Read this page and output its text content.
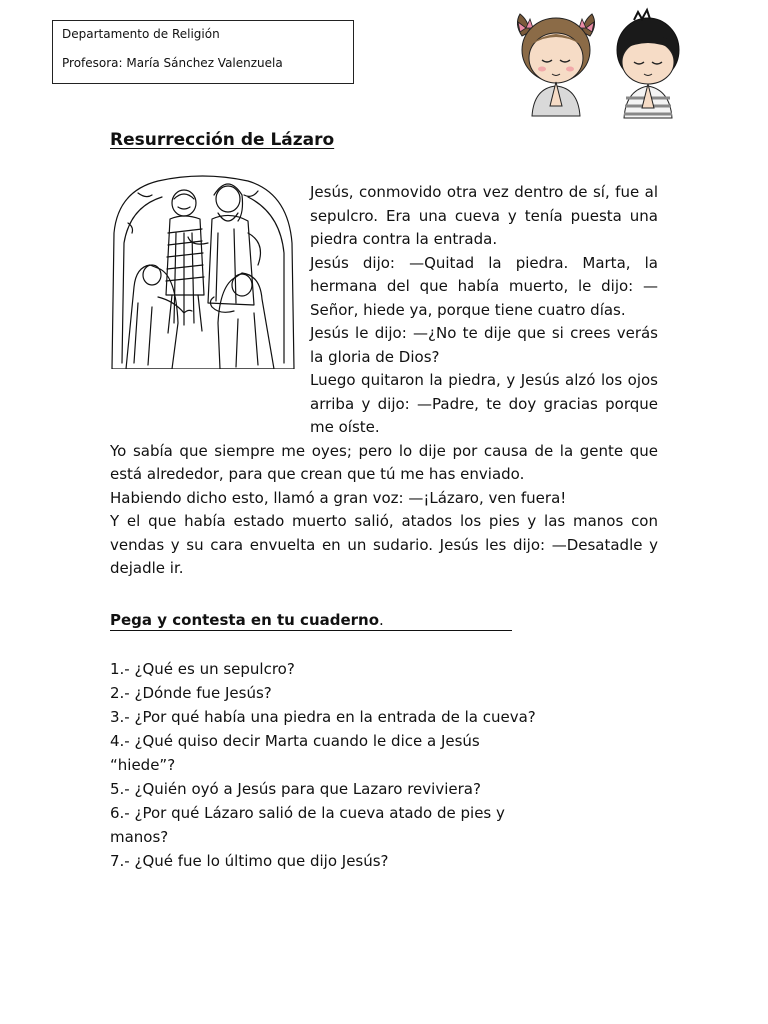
Departamento de Religión
Profesora: María Sánchez Valenzuela
Resurrección de Lázaro

Jesús, conmovido otra vez dentro de sí, fue al sepulcro. Era una cueva y tenía puesta una piedra contra la entrada.

Jesús dijo: —Quitad la piedra. Marta, la hermana del que había muerto, le dijo: —Señor, hiede ya, porque tiene cuatro días.

Jesús le dijo: —¿No te dije que si crees verás la gloria de Dios?

Luego quitaron la piedra, y Jesús alzó los ojos arriba y dijo: —Padre, te doy gracias porque me oíste.

Yo sabía que siempre me oyes; pero lo dije por causa de la gente que está alrededor, para que crean que tú me has enviado.

Habiendo dicho esto, llamó a gran voz: —¡Lázaro, ven fuera!

Y el que había estado muerto salió, atados los pies y las manos con vendas y su cara envuelta en un sudario. Jesús les dijo: —Desatadle y dejadle ir.

Pega y contesta en tu cuaderno.
1.- ¿Qué es un sepulcro?
2.- ¿Dónde fue Jesús?
3.- ¿Por qué había una piedra en la entrada de la cueva?
4.- ¿Qué quiso decir Marta cuando le dice a Jesús “hiede”?
5.- ¿Quién oyó a Jesús para que Lazaro reviviera?
6.- ¿Por qué Lázaro salió de la cueva atado de pies y manos?
7.- ¿Qué fue lo último que dijo Jesús?
